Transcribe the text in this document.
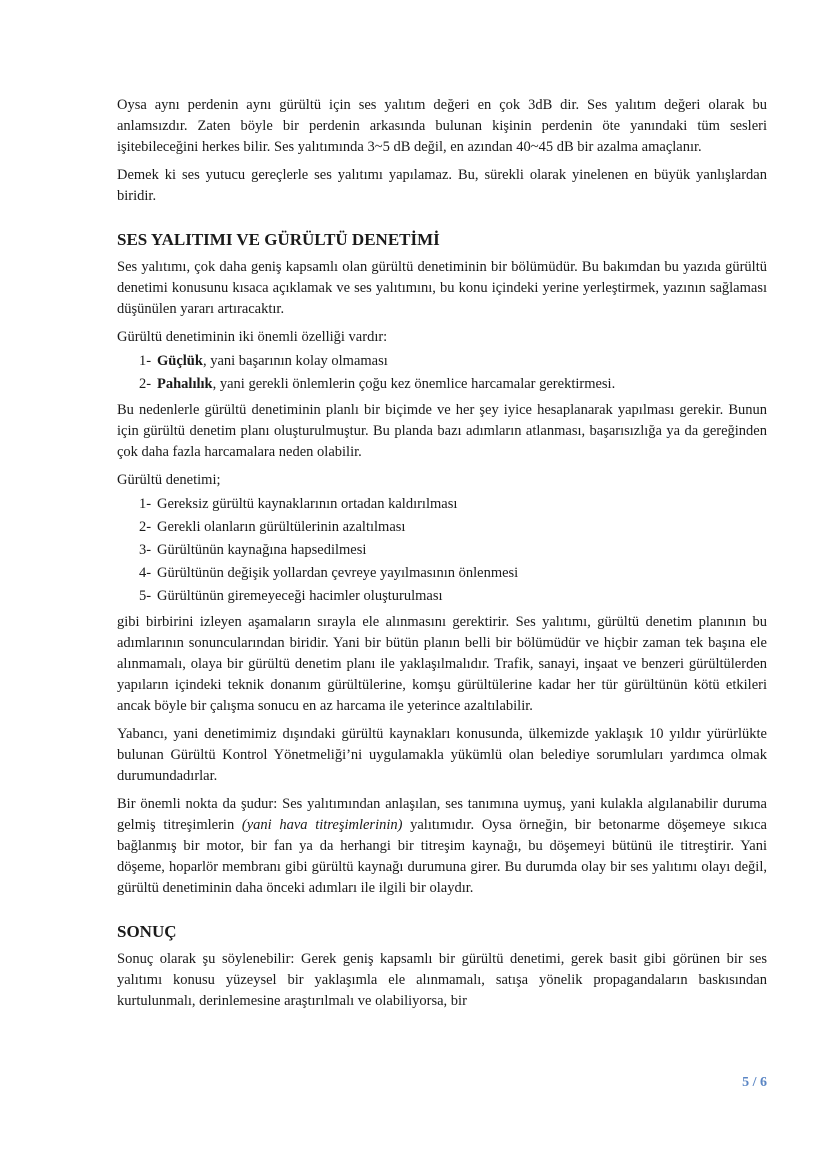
Oysa aynı perdenin aynı gürültü için ses yalıtım değeri en çok 3dB dir. Ses yalıtım değeri olarak bu anlamsızdır. Zaten böyle bir perdenin arkasında bulunan kişinin perdenin öte yanındaki tüm sesleri işitebileceğini herkes bilir. Ses yalıtımında 3~5 dB değil, en azından 40~45 dB bir azalma amaçlanır.

Demek ki ses yutucu gereçlerle ses yalıtımı yapılamaz. Bu, sürekli olarak yinelenen en büyük yanlışlardan biridir.

SES YALITIMI VE GÜRÜLTÜ DENETİMİ

Ses yalıtımı, çok daha geniş kapsamlı olan gürültü denetiminin bir bölümüdür. Bu bakımdan bu yazıda gürültü denetimi konusunu kısaca açıklamak ve ses yalıtımını, bu konu içindeki yerine yerleştirmek, yazının sağlaması düşünülen yararı artıracaktır.

Gürültü denetiminin iki önemli özelliği vardır:

1- Güçlük, yani başarının kolay olmaması
2- Pahalılık, yani gerekli önlemlerin çoğu kez önemlice harcamalar gerektirmesi.

Bu nedenlerle gürültü denetiminin planlı bir biçimde ve her şey iyice hesaplanarak yapılması gerekir. Bunun için gürültü denetim planı oluşturulmuştur. Bu planda bazı adımların atlanması, başarısızlığa ya da gereğinden çok daha fazla harcamalara neden olabilir.

Gürültü denetimi;

1- Gereksiz gürültü kaynaklarının ortadan kaldırılması
2- Gerekli olanların gürültülerinin azaltılması
3- Gürültünün kaynağına hapsedilmesi
4- Gürültünün değişik yollardan çevreye yayılmasının önlenmesi
5- Gürültünün giremeyeceği hacimler oluşturulması

gibi birbirini izleyen aşamaların sırayla ele alınmasını gerektirir. Ses yalıtımı, gürültü denetim planının bu adımlarının sonuncularından biridir. Yani bir bütün planın belli bir bölümüdür ve hiçbir zaman tek başına ele alınmamalı, olaya bir gürültü denetim planı ile yaklaşılmalıdır. Trafik, sanayi, inşaat ve benzeri gürültülerden yapıların içindeki teknik donanım gürültülerine, komşu gürültülerine kadar her tür gürültünün kötü etkileri ancak böyle bir çalışma sonucu en az harcama ile yeterince azaltılabilir.

Yabancı, yani denetimimiz dışındaki gürültü kaynakları konusunda, ülkemizde yaklaşık 10 yıldır yürürlükte bulunan Gürültü Kontrol Yönetmeliği’ni uygulamakla yükümlü olan belediye sorumluları yardımca olmak durumundadırlar.

Bir önemli nokta da şudur: Ses yalıtımından anlaşılan, ses tanımına uymuş, yani kulakla algılanabilir duruma gelmiş titreşimlerin (yani hava titreşimlerinin) yalıtımıdır. Oysa örneğin, bir betonarme döşemeye sıkıca bağlanmış bir motor, bir fan ya da herhangi bir titreşim kaynağı, bu döşemeyi bütünü ile titreştirir. Yani döşeme, hoparlör membranı gibi gürültü kaynağı durumuna girer. Bu durumda olay bir ses yalıtımı olayı değil, gürültü denetiminin daha önceki adımları ile ilgili bir olaydır.

SONUÇ

Sonuç olarak şu söylenebilir: Gerek geniş kapsamlı bir gürültü denetimi, gerek basit gibi görünen bir ses yalıtımı konusu yüzeysel bir yaklaşımla ele alınmamalı, satışa yönelik propagandaların baskısından kurtulunmalı, derinlemesine araştırılmalı ve olabiliyorsa, bir

5 / 6
